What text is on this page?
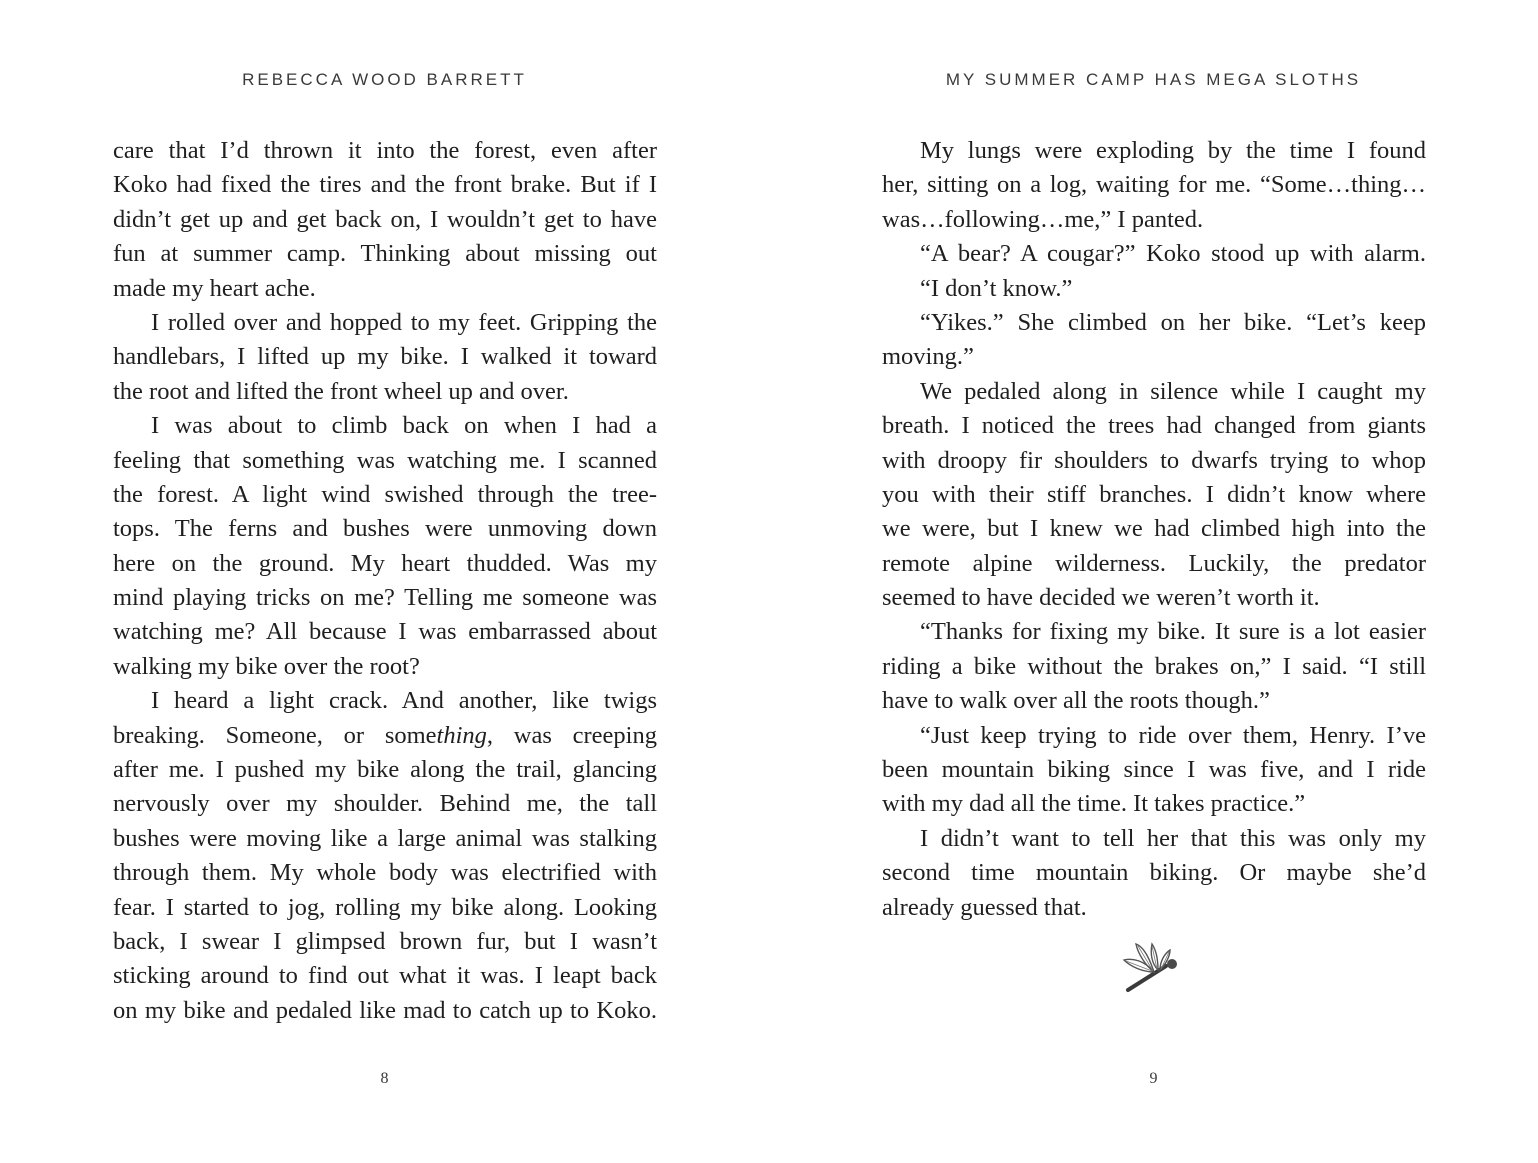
REBECCA WOOD BARRETT
care that I’d thrown it into the forest, even after
Koko had fixed the tires and the front brake. But if I
didn’t get up and get back on, I wouldn’t get to have
fun at summer camp. Thinking about missing out
made my heart ache.
I rolled over and hopped to my feet. Gripping the
handlebars, I lifted up my bike. I walked it toward
the root and lifted the front wheel up and over.
I was about to climb back on when I had a
feeling that something was watching me. I scanned
the forest. A light wind swished through the tree-
tops. The ferns and bushes were unmoving down
here on the ground. My heart thudded. Was my
mind playing tricks on me? Telling me someone was
watching me? All because I was embarrassed about
walking my bike over the root?
I heard a light crack. And another, like twigs
breaking. Someone, or something, was creeping
after me. I pushed my bike along the trail, glancing
nervously over my shoulder. Behind me, the tall
bushes were moving like a large animal was stalking
through them. My whole body was electrified with
fear. I started to jog, rolling my bike along. Looking
back, I swear I glimpsed brown fur, but I wasn’t
sticking around to find out what it was. I leapt back
on my bike and pedaled like mad to catch up to Koko.
8
MY SUMMER CAMP HAS MEGA SLOTHS
My lungs were exploding by the time I found
her, sitting on a log, waiting for me. “Some…thing…
was…following…me,” I panted.
“A bear? A cougar?” Koko stood up with alarm.
“I don’t know.”
“Yikes.” She climbed on her bike. “Let’s keep
moving.”
We pedaled along in silence while I caught my
breath. I noticed the trees had changed from giants
with droopy fir shoulders to dwarfs trying to whop
you with their stiff branches. I didn’t know where
we were, but I knew we had climbed high into the
remote alpine wilderness. Luckily, the predator
seemed to have decided we weren’t worth it.
“Thanks for fixing my bike. It sure is a lot easier
riding a bike without the brakes on,” I said. “I still
have to walk over all the roots though.”
“Just keep trying to ride over them, Henry. I’ve
been mountain biking since I was five, and I ride
with my dad all the time. It takes practice.”
I didn’t want to tell her that this was only my
second time mountain biking. Or maybe she’d
already guessed that.
9
